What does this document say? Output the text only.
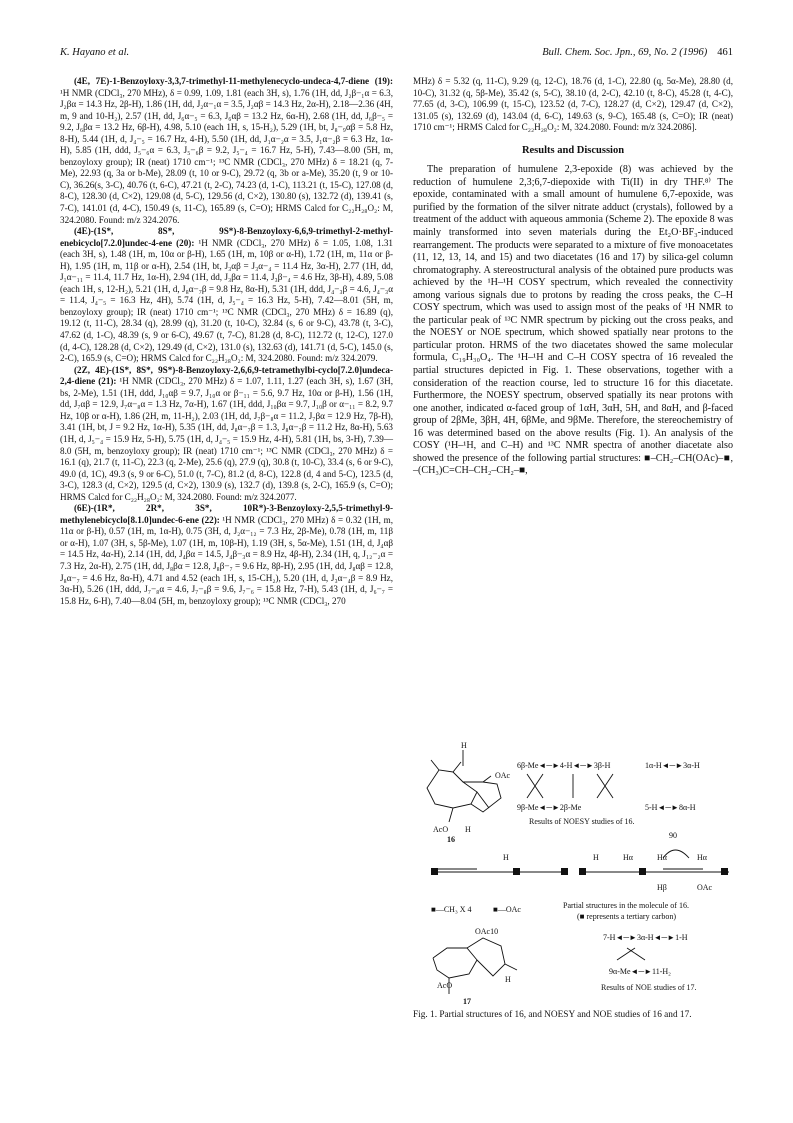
K. Hayano et al.	Bull. Chem. Soc. Jpn., 69, No. 2 (1996) 461

(4E, 7E)-1-Benzoyloxy-3,3,7-trimethyl-11-methylenecyclo-undeca-4,7-diene (19): ¹H NMR (CDCl₃, 270 MHz), δ = 0.99, 1.09, 1.81 (each 3H, s), 1.76 (1H, dd, J₂β−₁α = 6.3, J₂βα = 14.3 Hz, 2β-H), 1.86 (1H, dd, J₂α−₁α = 3.5, J₂αβ = 14.3 Hz, 2α-H), 2.18—2.36 (4H, m, 9 and 10-H₂), 2.57 (1H, dd, J₆α−₅ = 6.3, J₆αβ = 13.2 Hz, 6α-H), 2.68 (1H, dd, J₆β−₅ = 9.2, J₆βα = 13.2 Hz, 6β-H), 4.98, 5.10 (each 1H, s, 15-H₂), 5.29 (1H, bt, J₈−₉αβ = 5.8 Hz, 8-H), 5.44 (1H, d, J₄−₅ = 16.7 Hz, 4-H), 5.50 (1H, dd, J₁α−₂α = 3.5, J₁α−₂β = 6.3 Hz, 1α-H), 5.85 (1H, ddd, J₅−₆α = 6.3, J₅−₆β = 9.2, J₅−₄ = 16.7 Hz, 5-H), 7.43—8.00 (5H, m, benzoyloxy group); IR (neat) 1710 cm⁻¹; ¹³C NMR (CDCl₃, 270 MHz) δ = 18.21 (q, 7-Me), 22.93 (q, 3a or b-Me), 28.09 (t, 10 or 9-C), 29.72 (q, 3b or a-Me), 35.20 (t, 9 or 10-C), 36.26(s, 3-C), 40.76 (t, 6-C), 47.21 (t, 2-C), 74.23 (d, 1-C), 113.21 (t, 15-C), 127.08 (d, 8-C), 128.30 (d, C×2), 129.08 (d, 5-C), 129.56 (d, C×2), 130.80 (s), 132.72 (d), 139.41 (s, 7-C), 141.01 (d, 4-C), 150.49 (s, 11-C), 165.89 (s, C=O); HRMS Calcd for C₂₂H₂₈O₂: M, 324.2080. Found: m/z 324.2076.

(4E)-(1S*, 8S*, 9S*)-8-Benzoyloxy-6,6,9-trimethyl-2-methyl-enebicyclo[7.2.0]undec-4-ene (20): ¹H NMR (CDCl₃, 270 MHz) δ = 1.05, 1.08, 1.31 (each 3H, s), 1.48 (1H, m, 10α or β-H), 1.65 (1H, m, 10β or α-H), 1.72 (1H, m, 11α or β-H), 1.95 (1H, m, 11β or α-H), 2.54 (1H, bt, J₃αβ = J₃α−₄ = 11.4 Hz, 3α-H), 2.77 (1H, dd, J₁α−₁₁ = 11.4, 11.7 Hz, 1α-H), 2.94 (1H, dd, J₃βα = 11.4, J₃β−₄ = 4.6 Hz, 3β-H), 4.89, 5.08 (each 1H, s, 12-H₂), 5.21 (1H, d, J₈α−₇β = 9.8 Hz, 8α-H), 5.31 (1H, ddd, J₄−₃β = 4.6, J₄−₃α = 11.4, J₄−₅ = 16.3 Hz, 4H), 5.74 (1H, d, J₅−₄ = 16.3 Hz, 5-H), 7.42—8.01 (5H, m, benzoyloxy group); IR (neat) 1710 cm⁻¹; ¹³C NMR (CDCl₃, 270 MHz) δ = 16.89 (q), 19.12 (t, 11-C), 28.34 (q), 28.99 (q), 31.20 (t, 10-C), 32.84 (s, 6 or 9-C), 43.78 (t, 3-C), 47.62 (d, 1-C), 48.39 (s, 9 or 6-C), 49.67 (t, 7-C), 81.28 (d, 8-C), 112.72 (t, 12-C), 127.0 (d, 4-C), 128.28 (d, C×2), 129.49 (d, C×2), 131.0 (s), 132.63 (d), 141.71 (d, 5-C), 145.0 (s, 2-C), 165.9 (s, C=O); HRMS Calcd for C₂₂H₂₈O₂: M, 324.2080. Found: m/z 324.2079.

(2Z, 4E)-(1S*, 8S*, 9S*)-8-Benzoyloxy-2,6,6,9-tetramethylbi-cyclo[7.2.0]undeca-2,4-diene (21): ¹H NMR (CDCl₃, 270 MHz) δ = 1.07, 1.11, 1.27 (each 3H, s), 1.67 (3H, bs, 2-Me), 1.51 (1H, ddd, J₁₀αβ = 9.7, J₁₀α or β−₁₁ = 5.6, 9.7 Hz, 10α or β-H), 1.56 (1H, dd, J₇αβ = 12.9, J₇α−₈α = 1.3 Hz, 7α-H), 1.67 (1H, ddd, J₁₀βα = 9.7, J₁₀β or α−₁₁ = 8.2, 9.7 Hz, 10β or α-H), 1.86 (2H, m, 11-H₂), 2.03 (1H, dd, J₇β−₈α = 11.2, J₇βα = 12.9 Hz, 7β-H), 3.41 (1H, bt, J = 9.2 Hz, 1α-H), 5.35 (1H, dd, J₈α−₇β = 1.3, J₈α−₇β = 11.2 Hz, 8α-H), 5.63 (1H, d, J₅−₄ = 15.9 Hz, 5-H), 5.75 (1H, d, J₄−₅ = 15.9 Hz, 4-H), 5.81 (1H, bs, 3-H), 7.39—8.0 (5H, m, benzoyloxy group); IR (neat) 1710 cm⁻¹; ¹³C NMR (CDCl₃, 270 MHz) δ = 16.1 (q), 21.7 (t, 11-C), 22.3 (q, 2-Me), 25.6 (q), 27.9 (q), 30.8 (t, 10-C), 33.4 (s, 6 or 9-C), 49.0 (d, 1C), 49.3 (s, 9 or 6-C), 51.0 (t, 7-C), 81.2 (d, 8-C), 122.8 (d, 4 and 5-C), 123.5 (d, 3-C), 128.3 (d, C×2), 129.5 (d, C×2), 130.9 (s), 132.7 (d), 139.8 (s, 2-C), 165.9 (s, C=O); HRMS Calcd for C₂₂H₂₈O₂: M, 324.2080. Found: m/z 324.2077.

(6E)-(1R*, 2R*, 3S*, 10R*)-3-Benzoyloxy-2,5,5-trimethyl-9-methylenebicyclo[8.1.0]undec-6-ene (22): ¹H NMR (CDCl₃, 270 MHz) δ = 0.32 (1H, m, 11α or β-H), 0.57 (1H, m, 1α-H), 0.75 (3H, d, J₂α−₁₂ = 7.3 Hz, 2β-Me), 0.78 (1H, m, 11β or α-H), 1.07 (3H, s, 5β-Me), 1.07 (1H, m, 10β-H), 1.19 (3H, s, 5α-Me), 1.51 (1H, d, J₄αβ = 14.5 Hz, 4α-H), 2.14 (1H, dd, J₄βα = 14.5, J₄β−₃α = 8.9 Hz, 4β-H), 2.34 (1H, q, J₁₂−₂α = 7.3 Hz, 2α-H), 2.75 (1H, dd, J₈βα = 12.8, J₈β−₇ = 9.6 Hz, 8β-H), 2.95 (1H, dd, J₈αβ = 12.8, J₈α−₇ = 4.6 Hz, 8α-H), 4.71 and 4.52 (each 1H, s, 15-CH₂), 5.20 (1H, d, J₃α−₄β = 8.9 Hz, 3α-H), 5.26 (1H, ddd, J₇−₈α = 4.6, J₇−₈β = 9.6, J₇−₆ = 15.8 Hz, 7-H), 5.43 (1H, d, J₆−₇ = 15.8 Hz, 6-H), 7.40—8.04 (5H, m, benzoyloxy group); ¹³C NMR (CDCl₃, 270

MHz) δ = 5.32 (q, 11-C), 9.29 (q, 12-C), 18.76 (d, 1-C), 22.80 (q, 5α-Me), 28.80 (d, 10-C), 31.32 (q, 5β-Me), 35.42 (s, 5-C), 38.10 (d, 2-C), 42.10 (t, 8-C), 45.28 (t, 4-C), 77.65 (d, 3-C), 106.99 (t, 15-C), 123.52 (d, 7-C), 128.27 (d, C×2), 129.47 (d, C×2), 131.05 (s), 132.69 (d), 143.04 (d, 6-C), 149.63 (s, 9-C), 165.48 (s, C=O); IR (neat) 1710 cm⁻¹; HRMS Calcd for C₂₂H₂₈O₂: M, 324.2080. Found: m/z 324.2086].

Results and Discussion

The preparation of humulene 2,3-epoxide (8) was achieved by the reduction of humulene 2,3;6,7-diepoxide with Ti(II) in dry THF.⁸⁾ The epoxide, contaminated with a small amount of humulene 6,7-epoxide, was purified by the formation of the silver nitrate adduct (crystals), followed by a treatment of the adduct with aqueous ammonia (Scheme 2). The epoxide 8 was mainly transformed into seven materials during the Et₂O·BF₃-induced rearrangement. The products were separated to a mixture of five monoacetates (11, 12, 13, 14, and 15) and two diacetates (16 and 17) by silica-gel column chromatography. A stereostructural analysis of the obtained pure products was achieved by the ¹H–¹H COSY spectrum, which revealed the connectivity among various signals due to protons by reading the cross peaks, the C–H COSY spectrum, which was used to assign most of the peaks of ¹H NMR to the particular peak of ¹³C NMR spectrum by picking out the cross peaks, and the NOESY or NOE spectrum, which showed spatially near protons to the particular proton. HRMS of the two diacetates showed the same molecular formula, C₁₉H₃₀O₄. The ¹H–¹H and C–H COSY spectra of 16 revealed the partial structures depicted in Fig. 1. These observations, together with a consideration of the reaction course, led to structure 16 for this diacetate. Furthermore, the NOESY spectrum, observed spatially its near protons with one another, indicated α-faced group of 1αH, 3αH, 5H, and 8αH, and β-faced group of 2βMe, 3βH, 4H, 6βMe, and 9βMe. Therefore, the stereochemistry of 16 was determined based on the above results (Fig. 1). An analysis of the COSY (¹H–¹H, and C–H) and ¹³C NMR spectra of another diacetate also showed the presence of the following partial structures: ■–CH₂–CH(OAc)–■, –(CH₃)C=CH–CH₂–CH₂–■,

OAc
H
AcO H
16
6β-Me◄─►4-H◄─►3β-H	1α-H◄─►3α-H
9β-Me◄─►2β-Me	5-H◄─►8α-H
Results of NOESY studies of 16.
90
H	H	Hα	Hα	Hα
Hβ	OAc
■—CH₃ X 4	■—OAc	Partial structures in the molecule of 16.
(■ represents a tertiary carbon)
OAc10
AcO
H
17
7-H◄─►3α-H◄─►1-H
9α-Me◄─►11-H₂
Results of NOE studies of 17.
Fig. 1. Partial structures of 16, and NOESY and NOE studies of 16 and 17.
